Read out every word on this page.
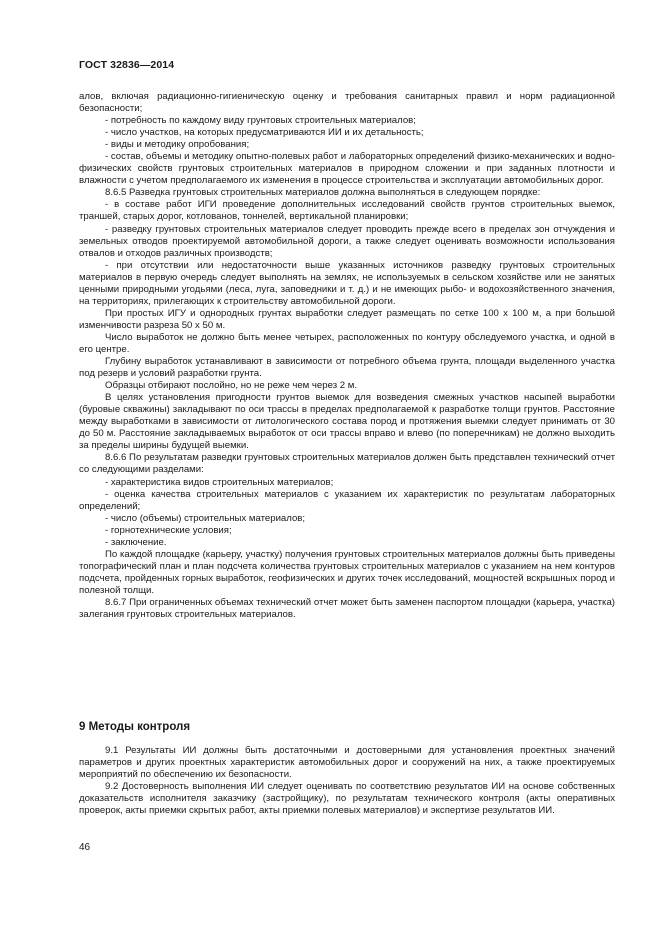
ГОСТ 32836—2014

алов, включая радиационно-гигиеническую оценку и требования санитарных правил и норм радиационной безопасности;

- потребность по каждому виду грунтовых строительных материалов;

- число участков, на которых предусматриваются ИИ и их детальность;

- виды и методику опробования;

- состав, объемы и методику опытно-полевых работ и лабораторных определений физико-механических и водно-физических свойств грунтовых строительных материалов в природном сложении и при заданных плотности и влажности с учетом предполагаемого их изменения в процессе строительства и эксплуатации автомобильных дорог.

8.6.5 Разведка грунтовых строительных материалов должна выполняться в следующем порядке:

- в составе работ ИГИ проведение дополнительных исследований свойств грунтов строительных выемок, траншей, старых дорог, котлованов, тоннелей, вертикальной планировки;

- разведку грунтовых строительных материалов следует проводить прежде всего в пределах зон отчуждения и земельных отводов проектируемой автомобильной дороги, а также следует оценивать возможности использования отвалов и отходов различных производств;

- при отсутствии или недостаточности выше указанных источников разведку грунтовых строительных материалов в первую очередь следует выполнять на землях, не используемых в сельском хозяйстве или не занятых ценными природными угодьями (леса, луга, заповедники и т. д.) и не имеющих рыбо- и водохозяйственного значения, на территориях, прилегающих к строительству автомобильной дороги.

При простых ИГУ и однородных грунтах выработки следует размещать по сетке 100 х 100 м, а при большой изменчивости разреза 50 х 50 м.

Число выработок не должно быть менее четырех, расположенных по контуру обследуемого участка, и одной в его центре.

Глубину выработок устанавливают в зависимости от потребного объема грунта, площади выделенного участка под резерв и условий разработки грунта.

Образцы отбирают послойно, но не реже чем через 2 м.

В целях установления пригодности грунтов выемок для возведения смежных участков насыпей выработки (буровые скважины) закладывают по оси трассы в пределах предполагаемой к разработке толщи грунтов. Расстояние между выработками в зависимости от литологического состава пород и протяжения выемки следует принимать от 30 до 50 м. Расстояние закладываемых выработок от оси трассы вправо и влево (по поперечникам) не должно выходить за пределы ширины будущей выемки.

8.6.6 По результатам разведки грунтовых строительных материалов должен быть представлен технический отчет со следующими разделами:

- характеристика видов строительных материалов;

- оценка качества строительных материалов с указанием их характеристик по результатам лабораторных определений;

- число (объемы) строительных материалов;

- горнотехнические условия;

- заключение.

По каждой площадке (карьеру, участку) получения грунтовых строительных материалов должны быть приведены топографический план и план подсчета количества грунтовых строительных материалов с указанием на нем контуров подсчета, пройденных горных выработок, геофизических и других точек исследований, мощностей вскрышных пород и полезной толщи.

8.6.7 При ограниченных объемах технический отчет может быть заменен паспортом площадки (карьера, участка) залегания грунтовых строительных материалов.

9 Методы контроля

9.1 Результаты ИИ должны быть достаточными и достоверными для установления проектных значений параметров и других проектных характеристик автомобильных дорог и сооружений на них, а также проектируемых мероприятий по обеспечению их безопасности.

9.2 Достоверность выполнения ИИ следует оценивать по соответствию результатов ИИ на основе собственных доказательств исполнителя заказчику (застройщику), по результатам технического контроля (акты оперативных проверок, акты приемки скрытых работ, акты приемки полевых материалов) и экспертизе результатов ИИ.

46
